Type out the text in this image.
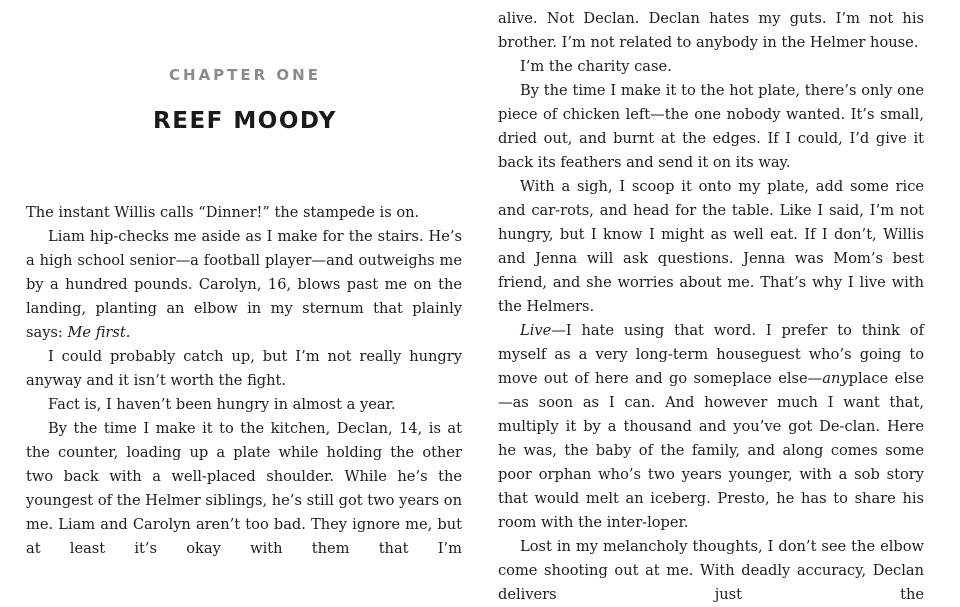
CHAPTER ONE
REEF MOODY

The instant Willis calls “Dinner!” the stampede is on.

Liam hip-checks me aside as I make for the stairs. He’s a high school senior—a football player—and outweighs me by a hundred pounds. Carolyn, 16, blows past me on the landing, planting an elbow in my sternum that plainly says: Me first.

I could probably catch up, but I’m not really hungry anyway and it isn’t worth the fight.

Fact is, I haven’t been hungry in almost a year.

By the time I make it to the kitchen, Declan, 14, is at the counter, loading up a plate while holding the other two back with a well-placed shoulder. While he’s the youngest of the Helmer siblings, he’s still got two years on me. Liam and Carolyn aren’t too bad. They ignore me, but at least it’s okay with them that I’m

alive. Not Declan. Declan hates my guts. I’m not his brother. I’m not related to anybody in the Helmer house.

I’m the charity case.

By the time I make it to the hot plate, there’s only one piece of chicken left—the one nobody wanted. It’s small, dried out, and burnt at the edges. If I could, I’d give it back its feathers and send it on its way.

With a sigh, I scoop it onto my plate, add some rice and car-rots, and head for the table. Like I said, I’m not hungry, but I know I might as well eat. If I don’t, Willis and Jenna will ask questions. Jenna was Mom’s best friend, and she worries about me. That’s why I live with the Helmers.

Live—I hate using that word. I prefer to think of myself as a very long-term houseguest who’s going to move out of here and go someplace else—anyplace else—as soon as I can. And however much I want that, multiply it by a thousand and you’ve got De-clan. Here he was, the baby of the family, and along comes some poor orphan who’s two years younger, with a sob story that would melt an iceberg. Presto, he has to share his room with the inter-loper.

Lost in my melancholy thoughts, I don’t see the elbow come shooting out at me. With deadly accuracy, Declan delivers just the
